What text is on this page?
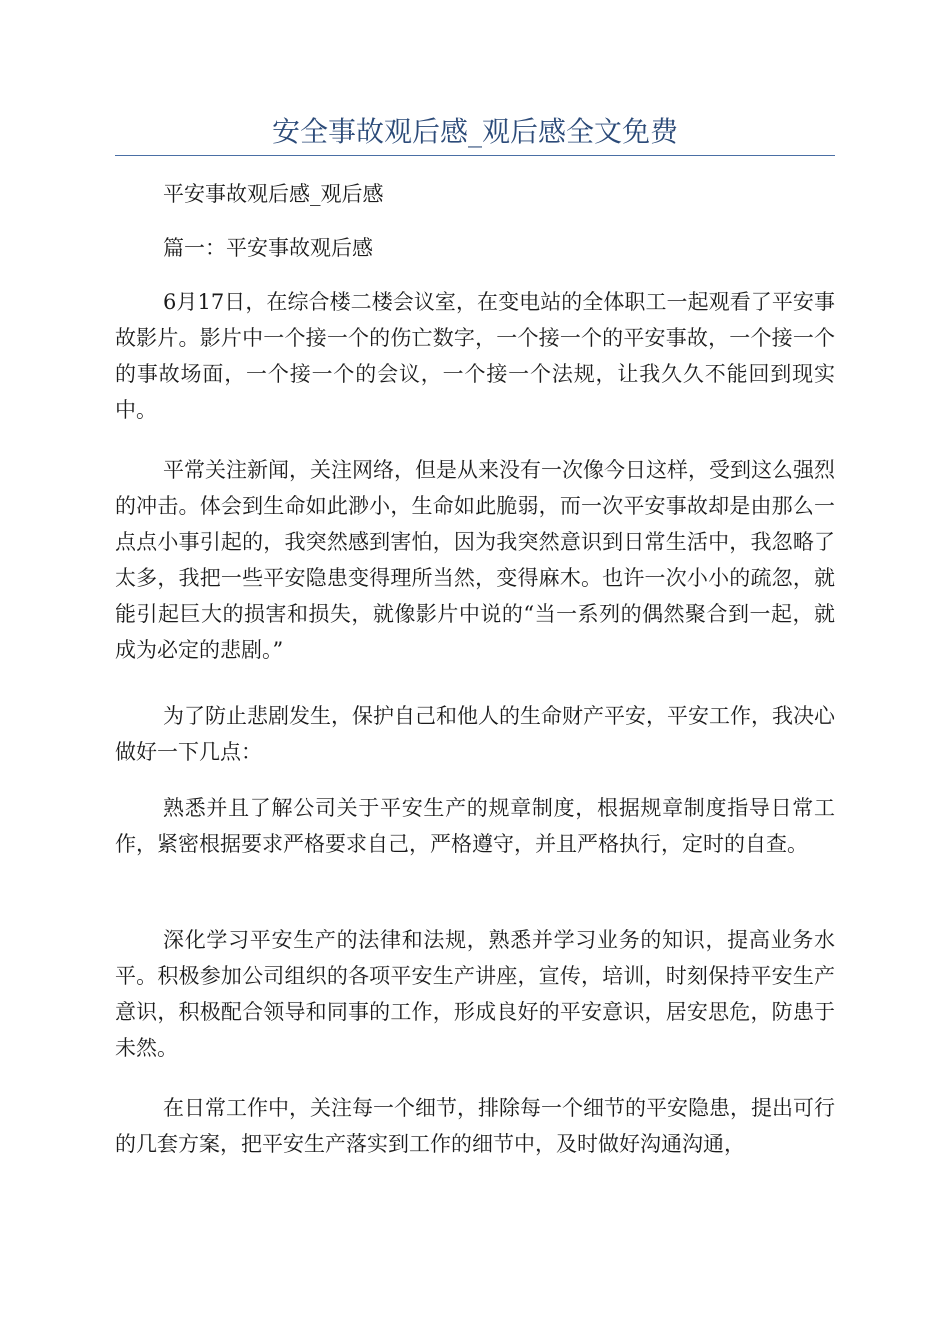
安全事故观后感_观后感全文免费

平安事故观后感_观后感

篇一：平安事故观后感

6月17日，在综合楼二楼会议室，在变电站的全体职工一起观看了平安事故影片。影片中一个接一个的伤亡数字，一个接一个的平安事故，一个接一个的事故场面，一个接一个的会议，一个接一个法规，让我久久不能回到现实中。

平常关注新闻，关注网络，但是从来没有一次像今日这样，受到这么强烈的冲击。体会到生命如此渺小，生命如此脆弱，而一次平安事故却是由那么一点点小事引起的，我突然感到害怕，因为我突然意识到日常生活中，我忽略了太多，我把一些平安隐患变得理所当然，变得麻木。也许一次小小的疏忽，就能引起巨大的损害和损失，就像影片中说的“当一系列的偶然聚合到一起，就成为必定的悲剧。”

为了防止悲剧发生，保护自己和他人的生命财产平安，平安工作，我决心做好一下几点：

熟悉并且了解公司关于平安生产的规章制度，根据规章制度指导日常工作，紧密根据要求严格要求自己，严格遵守，并且严格执行，定时的自查。

深化学习平安生产的法律和法规，熟悉并学习业务的知识，提高业务水平。积极参加公司组织的各项平安生产讲座，宣传，培训，时刻保持平安生产意识，积极配合领导和同事的工作，形成良好的平安意识，居安思危，防患于未然。

在日常工作中，关注每一个细节，排除每一个细节的平安隐患，提出可行的几套方案，把平安生产落实到工作的细节中，及时做好沟通沟通，
